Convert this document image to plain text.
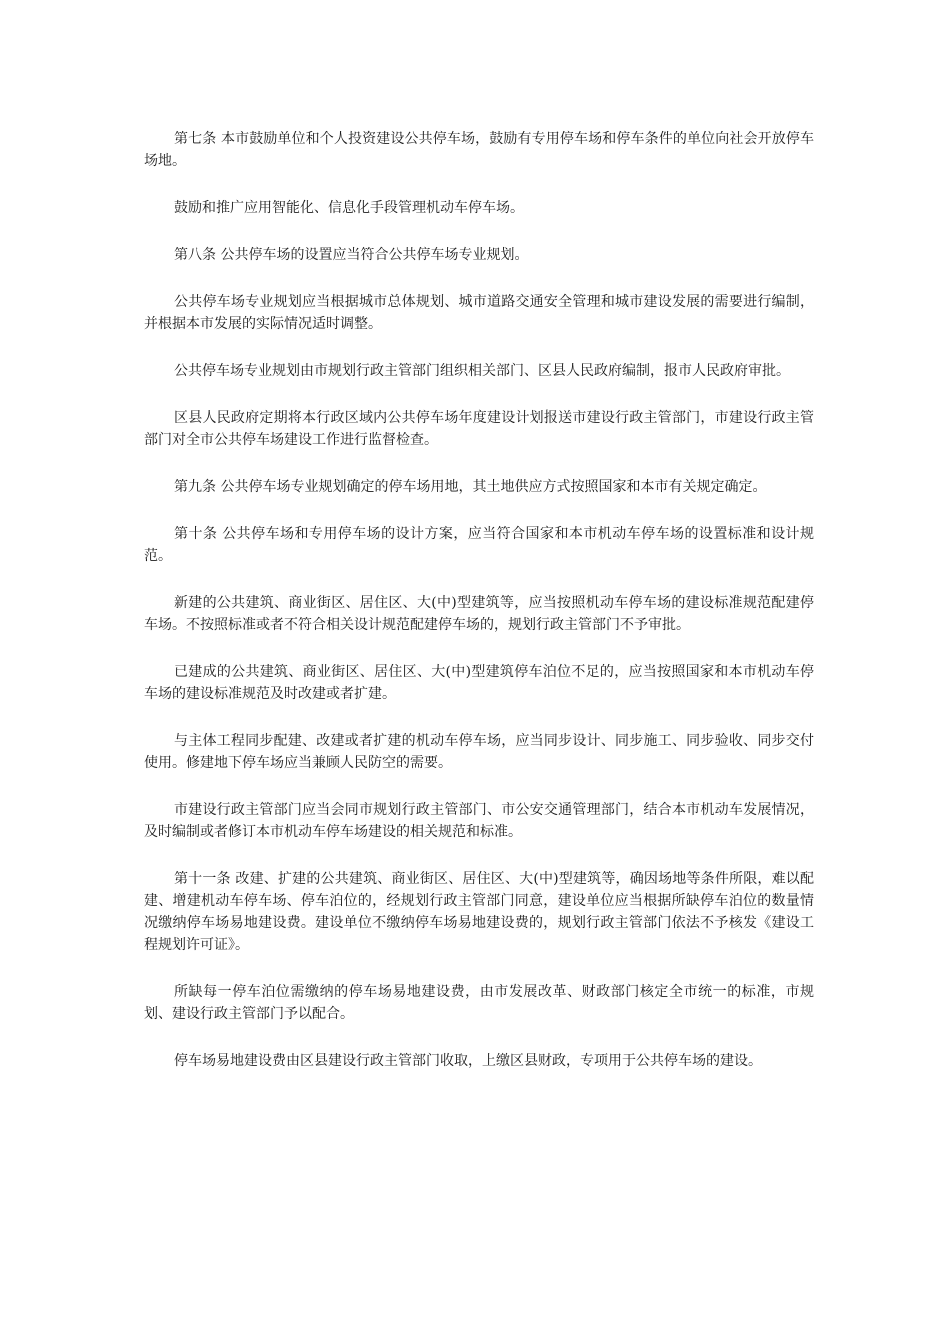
第七条 本市鼓励单位和个人投资建设公共停车场，鼓励有专用停车场和停车条件的单位向社会开放停车场地。

鼓励和推广应用智能化、信息化手段管理机动车停车场。

第八条 公共停车场的设置应当符合公共停车场专业规划。

公共停车场专业规划应当根据城市总体规划、城市道路交通安全管理和城市建设发展的需要进行编制，并根据本市发展的实际情况适时调整。

公共停车场专业规划由市规划行政主管部门组织相关部门、区县人民政府编制，报市人民政府审批。

区县人民政府定期将本行政区域内公共停车场年度建设计划报送市建设行政主管部门，市建设行政主管部门对全市公共停车场建设工作进行监督检查。

第九条 公共停车场专业规划确定的停车场用地，其土地供应方式按照国家和本市有关规定确定。

第十条 公共停车场和专用停车场的设计方案，应当符合国家和本市机动车停车场的设置标准和设计规范。

新建的公共建筑、商业街区、居住区、大(中)型建筑等，应当按照机动车停车场的建设标准规范配建停车场。不按照标准或者不符合相关设计规范配建停车场的，规划行政主管部门不予审批。

已建成的公共建筑、商业街区、居住区、大(中)型建筑停车泊位不足的，应当按照国家和本市机动车停车场的建设标准规范及时改建或者扩建。

与主体工程同步配建、改建或者扩建的机动车停车场，应当同步设计、同步施工、同步验收、同步交付使用。修建地下停车场应当兼顾人民防空的需要。

市建设行政主管部门应当会同市规划行政主管部门、市公安交通管理部门，结合本市机动车发展情况，及时编制或者修订本市机动车停车场建设的相关规范和标准。

第十一条 改建、扩建的公共建筑、商业街区、居住区、大(中)型建筑等，确因场地等条件所限，难以配建、增建机动车停车场、停车泊位的，经规划行政主管部门同意，建设单位应当根据所缺停车泊位的数量情况缴纳停车场易地建设费。建设单位不缴纳停车场易地建设费的，规划行政主管部门依法不予核发《建设工程规划许可证》。

所缺每一停车泊位需缴纳的停车场易地建设费，由市发展改革、财政部门核定全市统一的标准，市规划、建设行政主管部门予以配合。

停车场易地建设费由区县建设行政主管部门收取，上缴区县财政，专项用于公共停车场的建设。
